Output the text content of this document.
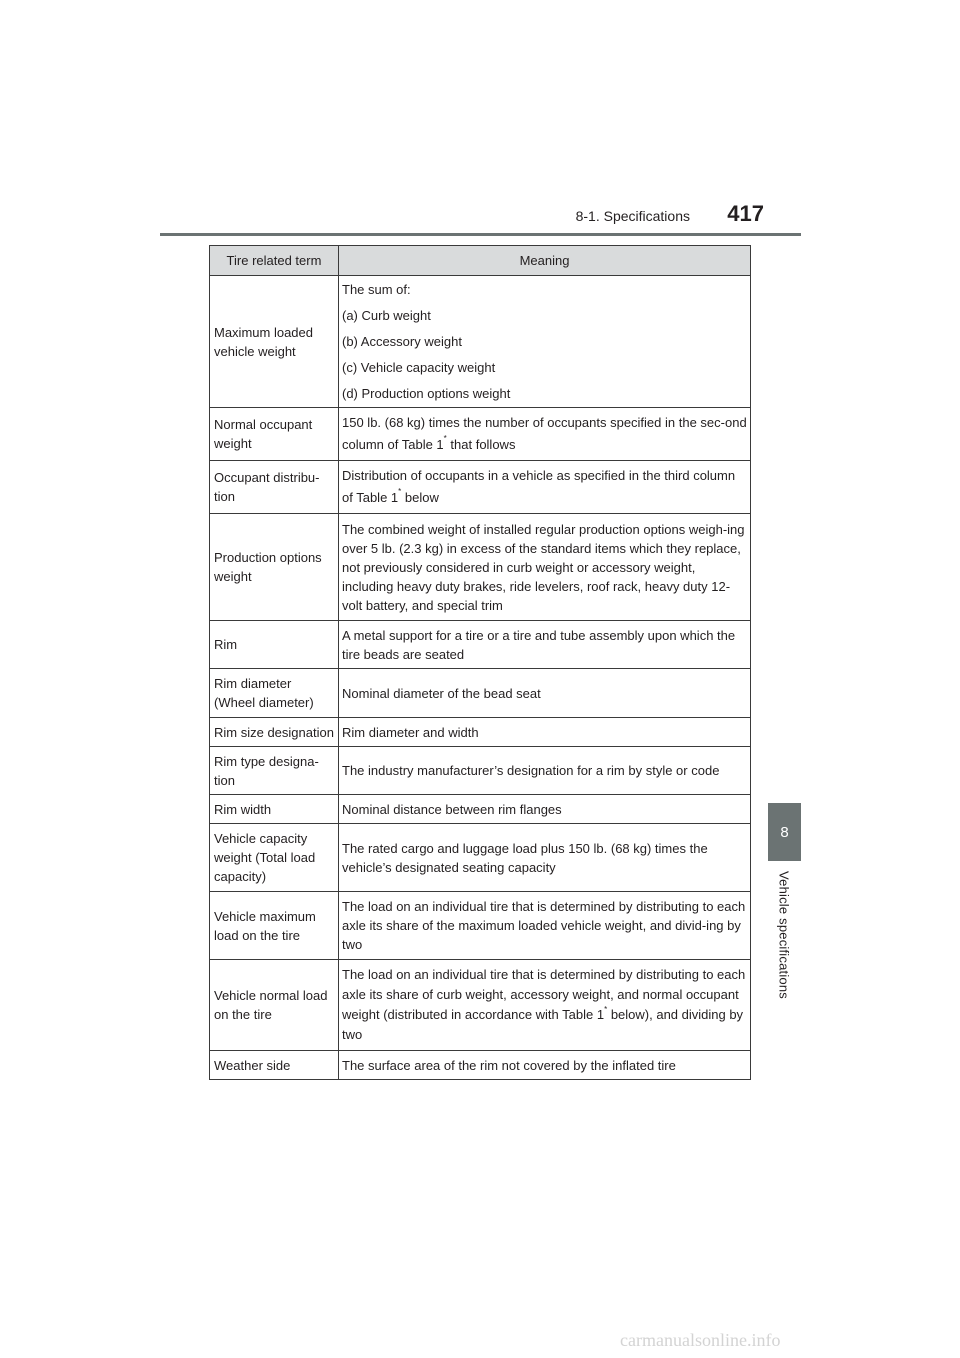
8-1. Specifications	417
8
Vehicle specifications
Tire related term	Meaning
Maximum loaded vehicle weight	The sum of:
(a) Curb weight
(b) Accessory weight
(c) Vehicle capacity weight
(d) Production options weight

Normal occupant weight	150 lb. (68 kg) times the number of occupants specified in the sec-ond column of Table 1* that follows
Occupant distribu-tion	Distribution of occupants in a vehicle as specified in the third column of Table 1* below
Production options weight	The combined weight of installed regular production options weigh-ing over 5 lb. (2.3 kg) in excess of the standard items which they replace, not previously considered in curb weight or accessory weight, including heavy duty brakes, ride levelers, roof rack, heavy duty 12-volt battery, and special trim
Rim	A metal support for a tire or a tire and tube assembly upon which the tire beads are seated
Rim diameter (Wheel diameter)	Nominal diameter of the bead seat
Rim size designation	Rim diameter and width
Rim type designa-tion	The industry manufacturer’s designation for a rim by style or code
Rim width	Nominal distance between rim flanges
Vehicle capacity weight (Total load capacity)	The rated cargo and luggage load plus 150 lb. (68 kg) times the vehicle’s designated seating capacity
Vehicle maximum load on the tire	The load on an individual tire that is determined by distributing to each axle its share of the maximum loaded vehicle weight, and divid-ing by two
Vehicle normal load on the tire	The load on an individual tire that is determined by distributing to each axle its share of curb weight, accessory weight, and normal occupant weight (distributed in accordance with Table 1* below), and dividing by two
Weather side	The surface area of the rim not covered by the inflated tire
carmanualsonline.info
